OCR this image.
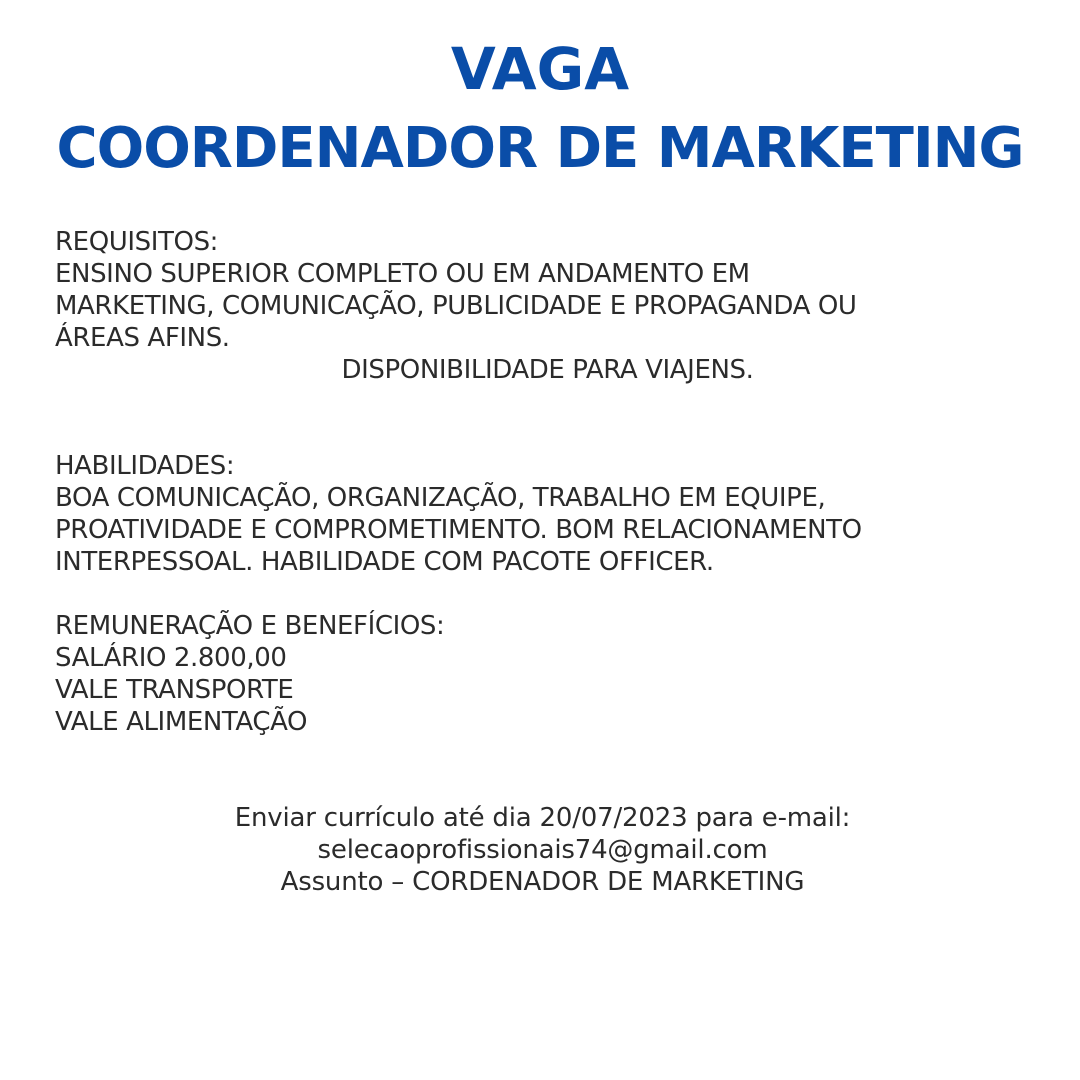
VAGA
COORDENADOR DE MARKETING
REQUISITOS:
ENSINO SUPERIOR COMPLETO OU EM ANDAMENTO EM
MARKETING, COMUNICAÇÃO, PUBLICIDADE E PROPAGANDA OU
ÁREAS AFINS.
DISPONIBILIDADE PARA VIAJENS.
HABILIDADES:
BOA COMUNICAÇÃO, ORGANIZAÇÃO, TRABALHO EM EQUIPE,
PROATIVIDADE E COMPROMETIMENTO. BOM RELACIONAMENTO
INTERPESSOAL. HABILIDADE COM PACOTE OFFICER.
REMUNERAÇÃO E BENEFÍCIOS:
SALÁRIO 2.800,00
VALE TRANSPORTE
VALE ALIMENTAÇÃO
Enviar currículo até dia 20/07/2023 para e-mail:
selecaoprofissionais74@gmail.com
Assunto – CORDENADOR DE MARKETING
